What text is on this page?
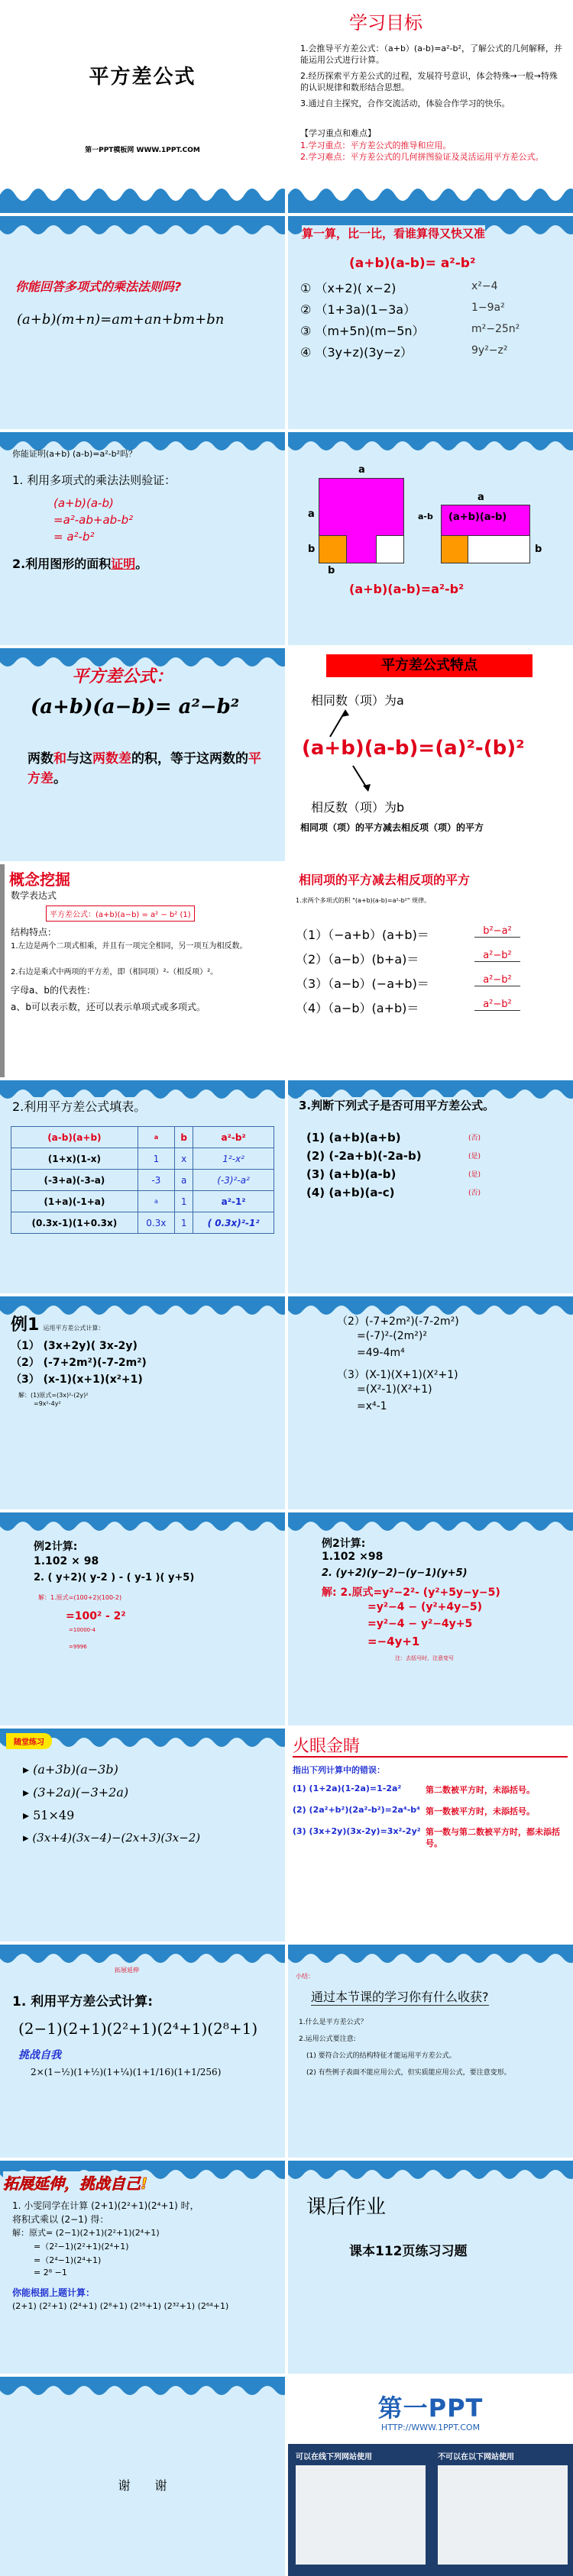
平方差公式
第一PPT模板网 WWW.1PPT.COM
学习目标
1.会推导平方差公式：（a+b）(a-b)=a²-b²，了解公式的几何解释，并能运用公式进行计算。
2.经历探索平方差公式的过程，发展符号意识，体会特殊→一般→特殊的认识规律和数形结合思想。
3.通过自主探究，合作交流活动，体验合作学习的快乐。
【学习重点和难点】
1.学习重点：平方差公式的推导和应用。
2.学习难点：平方差公式的几何拼图验证及灵活运用平方差公式。
你能回答多项式的乘法法则吗?
(a+b)(m+n)=am+an+bm+bn
算一算，比一比，看谁算得又快又准
(a+b)(a-b)= a²-b²
① （x+2)( x−2)	x²−4
② （1+3a)(1−3a）	1−9a²
③ （m+5n)(m−5n）	m²−25n²
④ （3y+z)(3y−z）	9y²−z²
你能证明(a+b) (a-b)=a²-b²吗？
1. 利用多项式的乘法法则验证：
(a+b)(a-b)
=a²-ab+ab-b²
= a²-b²
2.利用图形的面积证明。
a
a
b
b
a-b (a+b)(a-b)
a
b
(a+b)(a-b)=a²-b²
平方差公式：
(a+b)(a−b)= a²−b²
两数和与这两数差的积，等于这两数的平方差。
平方差公式特点
相同数（项）为a
(a+b)(a-b)=(a)²-(b)²
相反数（项）为b
相同项（项）的平方减去相反项（项）的平方
概念挖掘
数学表达式
平方差公式：(a+b)(a−b) = a² − b² (1)
结构特点：
1.左边是两个二项式相乘，并且有一项完全相同，另一项互为相反数。
2.右边是乘式中两项的平方差，即（相同项）²-（相反项）²。
字母a、b的代表性：
a、b可以表示数，还可以表示单项式或多项式。
相同项的平方减去相反项的平方
1.求两个多项式的积 "(a+b)(a-b)=a²-b²" 规律。
（1）（−a+b）(a+b)＝	b²−a²
（2）（a−b）(b+a)＝	a²−b²
（3）（a−b）(−a+b)＝	a²−b²
（4）（a−b）(a+b)＝	a²−b²
2.利用平方差公式填表。
(a-b)(a+b)	a	b	a²-b²
(1+x)(1-x)	1	x	1²-x²
(-3+a)(-3-a)	-3	a	(-3)²-a²
(1+a)(-1+a)	a	1	a²-1²
(0.3x-1)(1+0.3x)	0.3x	1	( 0.3x)²-1²
3.判断下列式子是否可用平方差公式。
(1) (a+b)(a+b)	(否)
(2) (-2a+b)(-2a-b)	(是)
(3) (a+b)(a-b)	(是)
(4) (a+b)(a-c)	(否)
例1 运用平方差公式计算：
（1） (3x+2y)( 3x-2y)
（2） (-7+2m²)(-7-2m²)
（3） (x-1)(x+1)(x²+1)
解：(1)原式=(3x)²-(2y)²
=9x²-4y²
（2）(-7+2m²)(-7-2m²)
=(-7)²-(2m²)²
=49-4m⁴
（3）(X-1)(X+1)(X²+1)
=(X²-1)(X²+1)
=x⁴-1
例2计算:
1.102 × 98
2. ( y+2)( y-2 ) - ( y-1 )( y+5)
解：1.原式=(100+2)(100-2)
=100² - 2²
=10000-4
=9996
例2计算:
1.102 ×98
2. (y+2)(y−2)−(y−1)(y+5)
解: 2.原式=y²−2²- (y²+5y−y−5)
=y²−4 − (y²+4y−5)
=y²−4 − y²−4y+5
=−4y+1
注：去括号时，注意变号
随堂练习
▸ (a+3b)(a−3b)
▸ (3+2a)(−3+2a)
▸ 51×49
▸ (3x+4)(3x−4)−(2x+3)(3x−2)
火眼金睛
指出下列计算中的错误：
(1) (1+2a)(1-2a)=1-2a²	第二数被平方时，未添括号。
(2) (2a²+b²)(2a²-b²)=2a⁴-b⁴ 第一数被平方时，未添括号。
(3) (3x+2y)(3x-2y)=3x²-2y² 第一数与第二数被平方时，都未添括号。
拓展延伸
1. 利用平方差公式计算:
(2−1)(2+1)(2²+1)(2⁴+1)(2⁸+1)
挑战自我
2×(1−½)(1+½)(1+¼)(1+1/16)(1+1/256)
小结：
通过本节课的学习你有什么收获?
1.什么是平方差公式？
2.运用公式要注意:
(1) 要符合公式的结构特征才能运用平方差公式。
(2) 有些例子表面不能应用公式，但实质能应用公式，要注意变形。
拓展延伸，挑战自己!
1. 小雯同学在计算 (2+1)(2²+1)(2⁴+1) 时，
将积式乘以 (2−1) 得：
解：原式= (2−1)(2+1)(2²+1)(2⁴+1)
=（2²−1)(2²+1)(2⁴+1)
=（2⁴−1)(2⁴+1)
= 2⁸ −1
你能根据上题计算：
(2+1) (2²+1) (2⁴+1) (2⁸+1) (2¹⁶+1) (2³²+1) (2⁶⁴+1)
课后作业
课本112页练习习题
谢　　谢
第一PPT
HTTP://WWW.1PPT.COM
可以在线下列网站使用	不可以在以下网站使用
